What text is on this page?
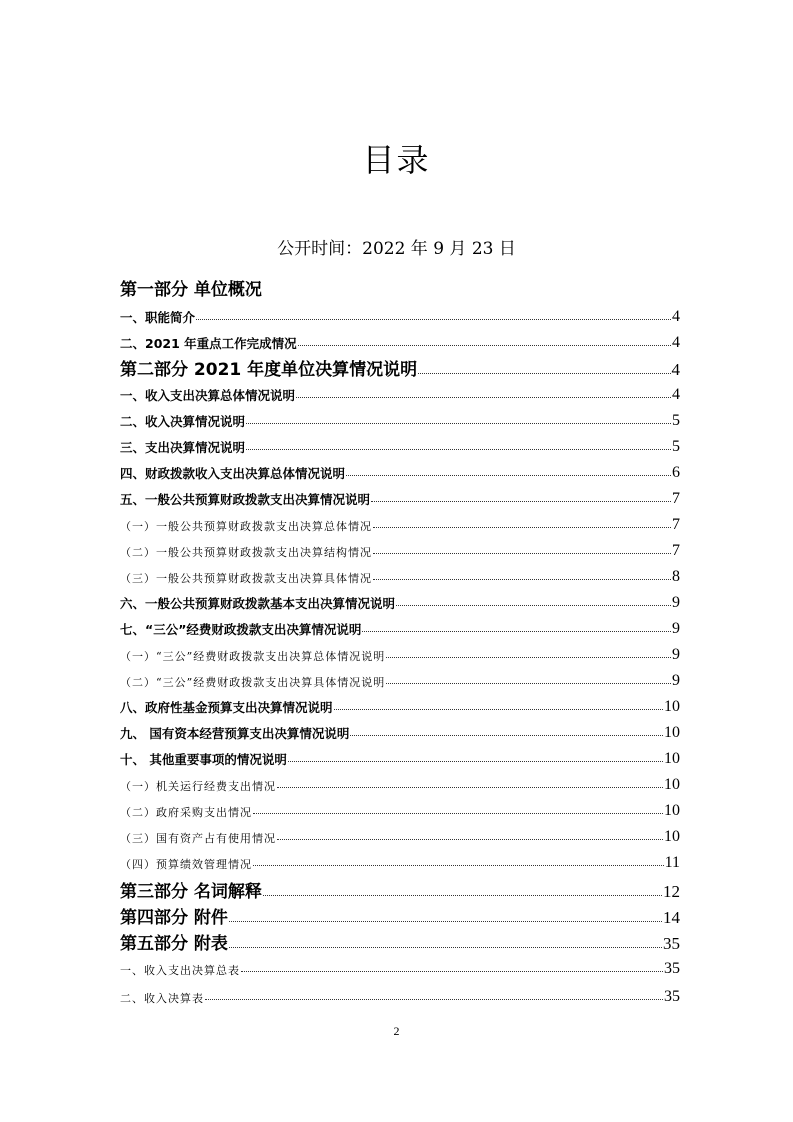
目录
公开时间：2022 年 9 月 23 日
第一部分 单位概况
一、职能简介	4
二、2021 年重点工作完成情况	4
第二部分 2021 年度单位决算情况说明	4
一、收入支出决算总体情况说明	4
二、收入决算情况说明	5
三、支出决算情况说明	5
四、财政拨款收入支出决算总体情况说明	6
五、一般公共预算财政拨款支出决算情况说明	7
（一）一般公共预算财政拨款支出决算总体情况	7
（二）一般公共预算财政拨款支出决算结构情况	7
（三）一般公共预算财政拨款支出决算具体情况	8
六、一般公共预算财政拨款基本支出决算情况说明	9
七、“三公”经费财政拨款支出决算情况说明	9
（一）“三公”经费财政拨款支出决算总体情况说明	9
（二）“三公”经费财政拨款支出决算具体情况说明	9
八、政府性基金预算支出决算情况说明	10
九、 国有资本经营预算支出决算情况说明	10
十、 其他重要事项的情况说明	10
（一）机关运行经费支出情况	10
（二）政府采购支出情况	10
（三）国有资产占有使用情况	10
（四）预算绩效管理情况	11
第三部分 名词解释	12
第四部分 附件	14
第五部分 附表	35
一、收入支出决算总表	35
二、收入决算表	35
2
